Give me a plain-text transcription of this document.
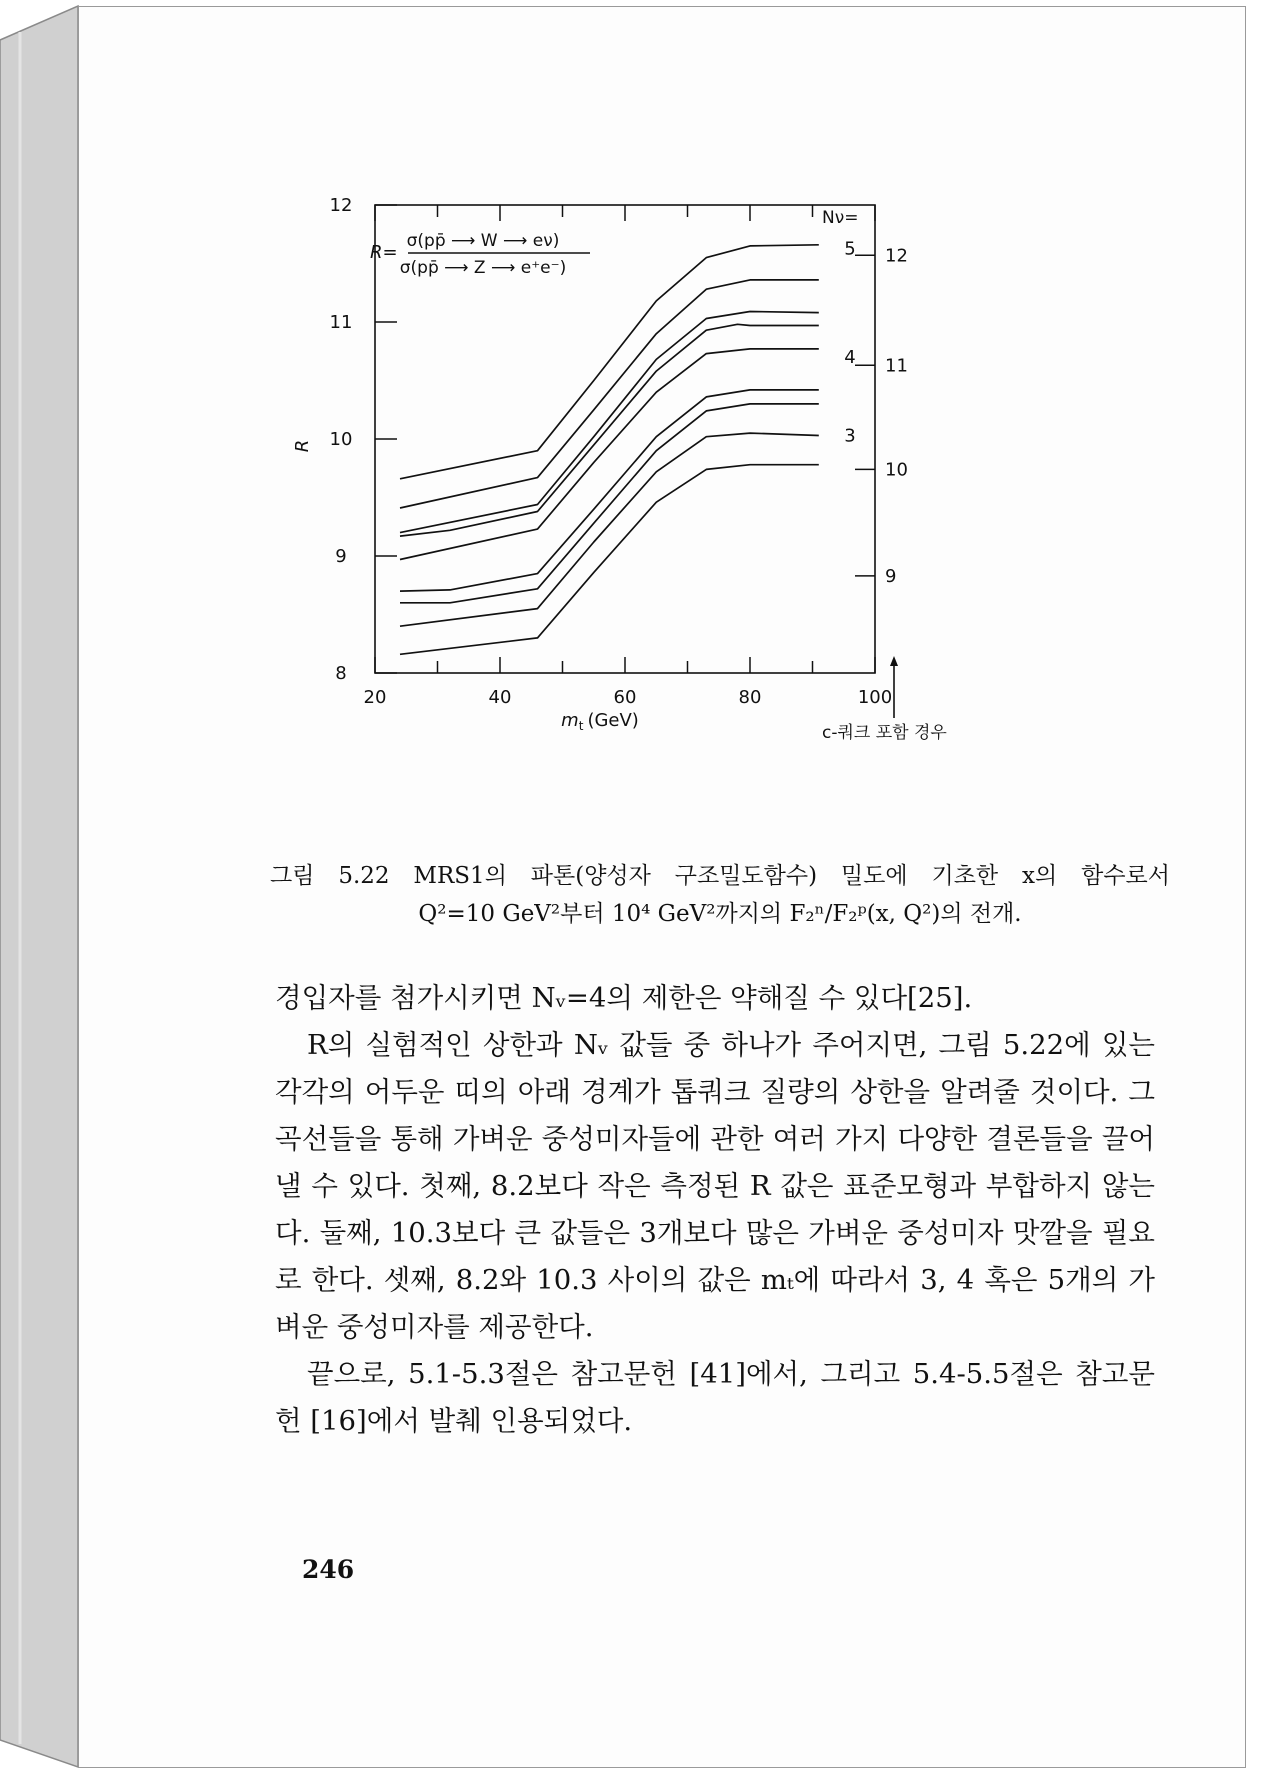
20	40	60	80	100
8
9
10
11
12
12
11
10
9
5
4
3
R=
σ(pp̄ ⟶ W ⟶ eν)
σ(pp̄ ⟶ Z ⟶ e⁺e⁻)
R
$m_t$ (GeV)
Nν=
c-쿼크 포함 경우
그림 5.22 MRS1의 파톤(양성자 구조밀도함수) 밀도에 기초한 x의 함수로서
Q²=10 GeV²부터 10⁴ GeV²까지의 F₂ⁿ/F₂ᵖ(x, Q²)의 전개.

경입자를 첨가시키면 Nᵥ=4의 제한은 약해질 수 있다[25].

R의 실험적인 상한과 Nᵥ 값들 중 하나가 주어지면, 그림 5.22에 있는 각각의 어두운 띠의 아래 경계가 톱쿼크 질량의 상한을 알려줄 것이다. 그 곡선들을 통해 가벼운 중성미자들에 관한 여러 가지 다양한 결론들을 끌어낼 수 있다. 첫째, 8.2보다 작은 측정된 R 값은 표준모형과 부합하지 않는다. 둘째, 10.3보다 큰 값들은 3개보다 많은 가벼운 중성미자 맛깔을 필요로 한다. 셋째, 8.2와 10.3 사이의 값은 mₜ에 따라서 3, 4 혹은 5개의 가벼운 중성미자를 제공한다.

끝으로, 5.1-5.3절은 참고문헌 [41]에서, 그리고 5.4-5.5절은 참고문헌 [16]에서 발췌 인용되었다.

246
